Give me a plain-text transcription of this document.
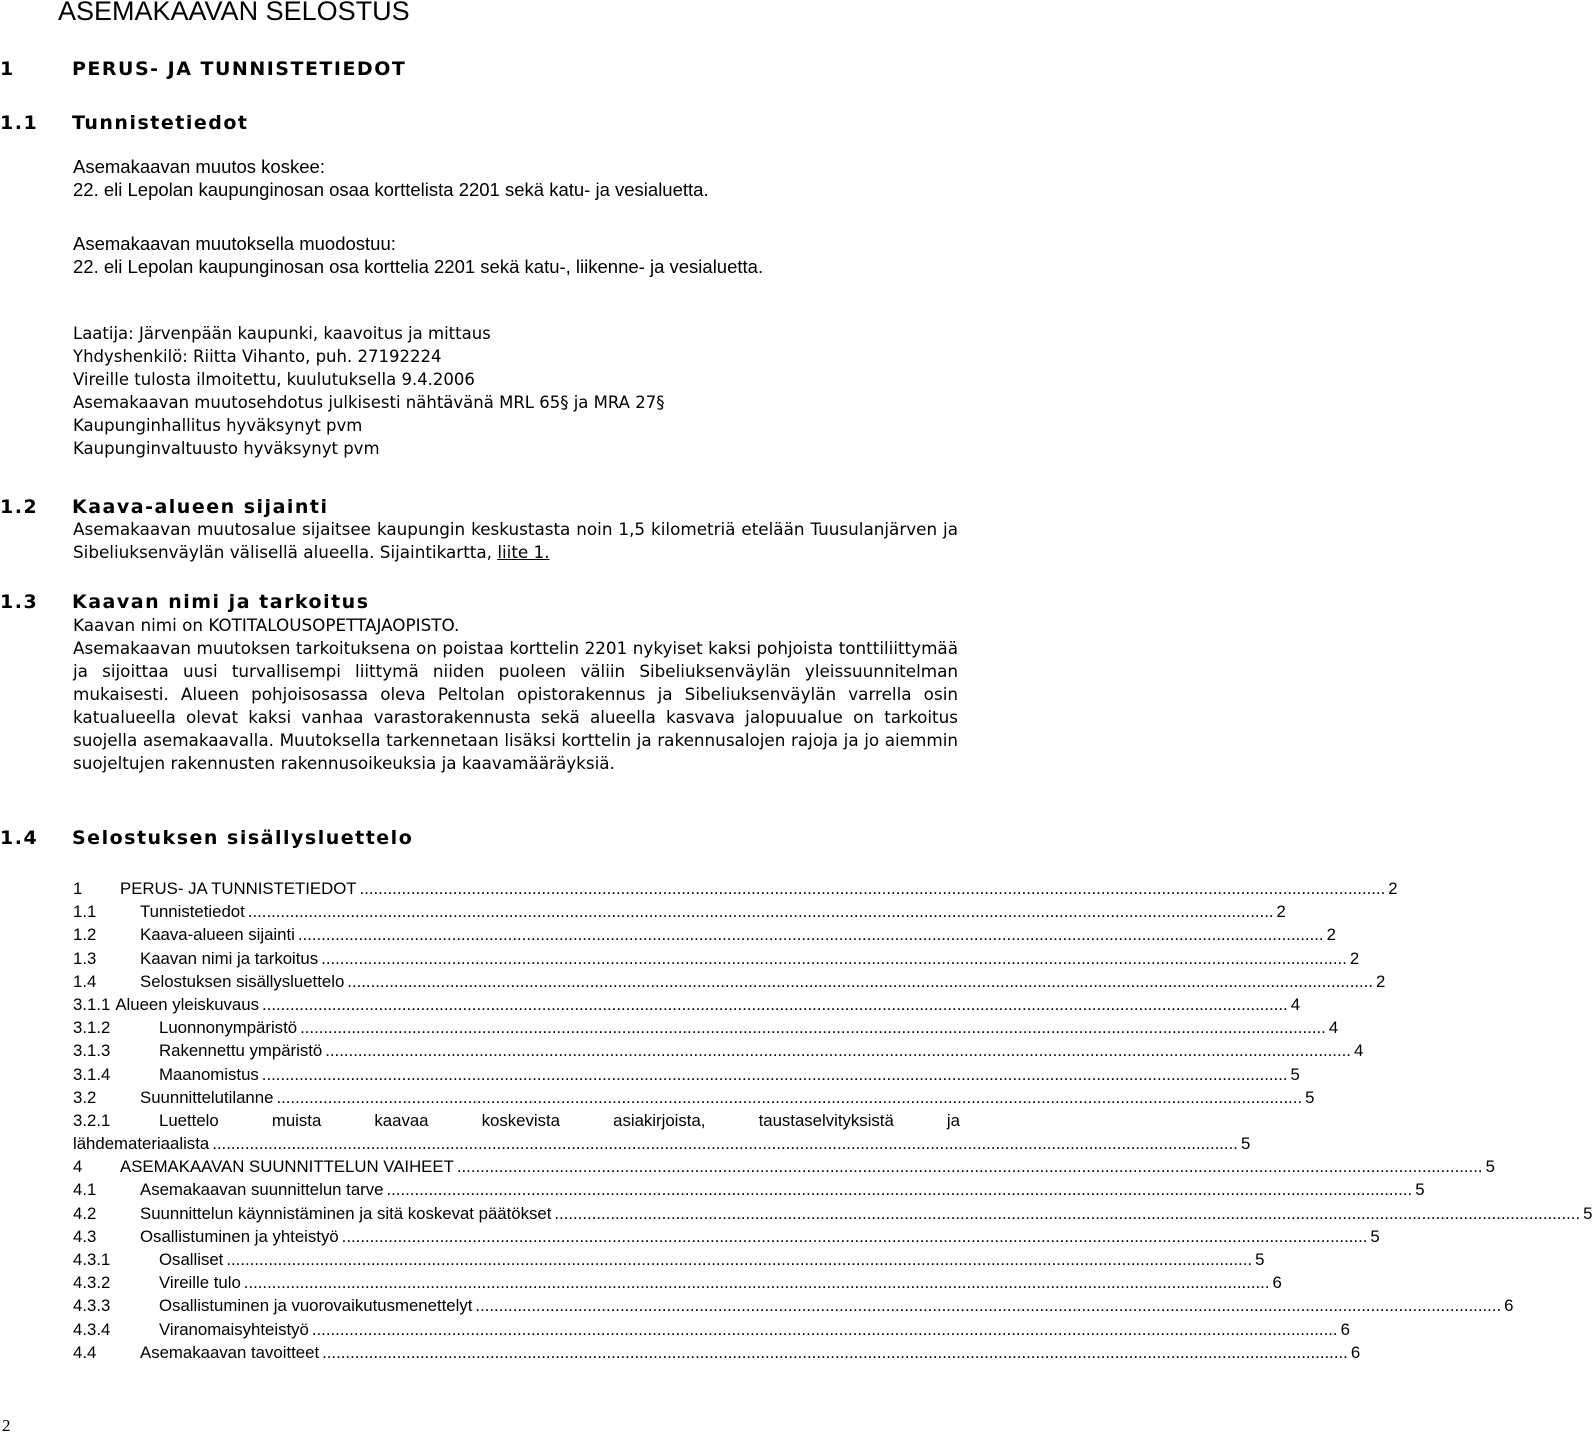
ASEMAKAAVAN SELOSTUS
1	PERUS- JA TUNNISTETIEDOT
1.1 Tunnistetiedot
Asemakaavan muutos koskee:
22. eli Lepolan kaupunginosan osaa korttelista 2201 sekä katu- ja vesialuetta.
Asemakaavan muutoksella muodostuu:
22. eli Lepolan kaupunginosan osa korttelia 2201 sekä katu-, liikenne- ja vesialuetta.
Laatija: Järvenpään kaupunki, kaavoitus ja mittaus
Yhdyshenkilö: Riitta Vihanto, puh. 27192224
Vireille tulosta ilmoitettu, kuulutuksella 9.4.2006
Asemakaavan muutosehdotus julkisesti nähtävänä MRL 65§ ja MRA 27§
Kaupunginhallitus hyväksynyt pvm
Kaupunginvaltuusto hyväksynyt pvm
1.2 Kaava-alueen sijainti
Asemakaavan muutosalue sijaitsee kaupungin keskustasta noin 1,5 kilometriä etelään Tuusulanjärven ja Sibeliuksenväylän välisellä alueella. Sijaintikartta, liite 1.
1.3 Kaavan nimi ja tarkoitus
Kaavan nimi on KOTITALOUSOPETTAJAOPISTO.
Asemakaavan muutoksen tarkoituksena on poistaa korttelin 2201 nykyiset kaksi pohjoista tonttiliittymää ja sijoittaa uusi turvallisempi liittymä niiden puoleen väliin Sibeliuksenväylän yleissuunnitelman mukaisesti. Alueen pohjoisosassa oleva Peltolan opistorakennus ja Sibeliuksenväylän varrella osin katualueella olevat kaksi vanhaa varastorakennusta sekä alueella kasvava jalopuualue on tarkoitus suojella asemakaavalla. Muutoksella tarkennetaan lisäksi korttelin ja rakennusalojen rajoja ja jo aiemmin suojeltujen rakennusten rakennusoikeuksia ja kaavamääräyksiä.
1.4 Selostuksen sisällysluettelo
1	PERUS- JA TUNNISTETIEDOT ............................................................................................................................................................................................................................ 2
1.1	Tunnistetiedot ............................................................................................................................................................................................................................ 2
1.2	Kaava-alueen sijainti ............................................................................................................................................................................................................................ 2
1.3	Kaavan nimi ja tarkoitus ............................................................................................................................................................................................................................ 2
1.4	Selostuksen sisällysluettelo ............................................................................................................................................................................................................................ 2
3.1.1 Alueen yleiskuvaus ............................................................................................................................................................................................................................ 4
3.1.2	Luonnonympäristö ............................................................................................................................................................................................................................ 4
3.1.3	Rakennettu ympäristö ............................................................................................................................................................................................................................ 4
3.1.4	Maanomistus ............................................................................................................................................................................................................................ 5
3.2	Suunnittelutilanne ............................................................................................................................................................................................................................ 5
3.2.1	Luettelo muista kaavaa koskevista asiakirjoista, taustaselvityksistä ja
lähdemateriaalista ............................................................................................................................................................................................................................ 5
4	ASEMAKAAVAN SUUNNITTELUN VAIHEET ............................................................................................................................................................................................................................ 5
4.1	Asemakaavan suunnittelun tarve ............................................................................................................................................................................................................................ 5
4.2	Suunnittelun käynnistäminen ja sitä koskevat päätökset ............................................................................................................................................................................................................................ 5
4.3	Osallistuminen ja yhteistyö ............................................................................................................................................................................................................................ 5
4.3.1	Osalliset ............................................................................................................................................................................................................................ 5
4.3.2	Vireille tulo ............................................................................................................................................................................................................................ 6
4.3.3	Osallistuminen ja vuorovaikutusmenettelyt ............................................................................................................................................................................................................................ 6
4.3.4	Viranomaisyhteistyö ............................................................................................................................................................................................................................ 6
4.4	Asemakaavan tavoitteet ............................................................................................................................................................................................................................ 6
2
